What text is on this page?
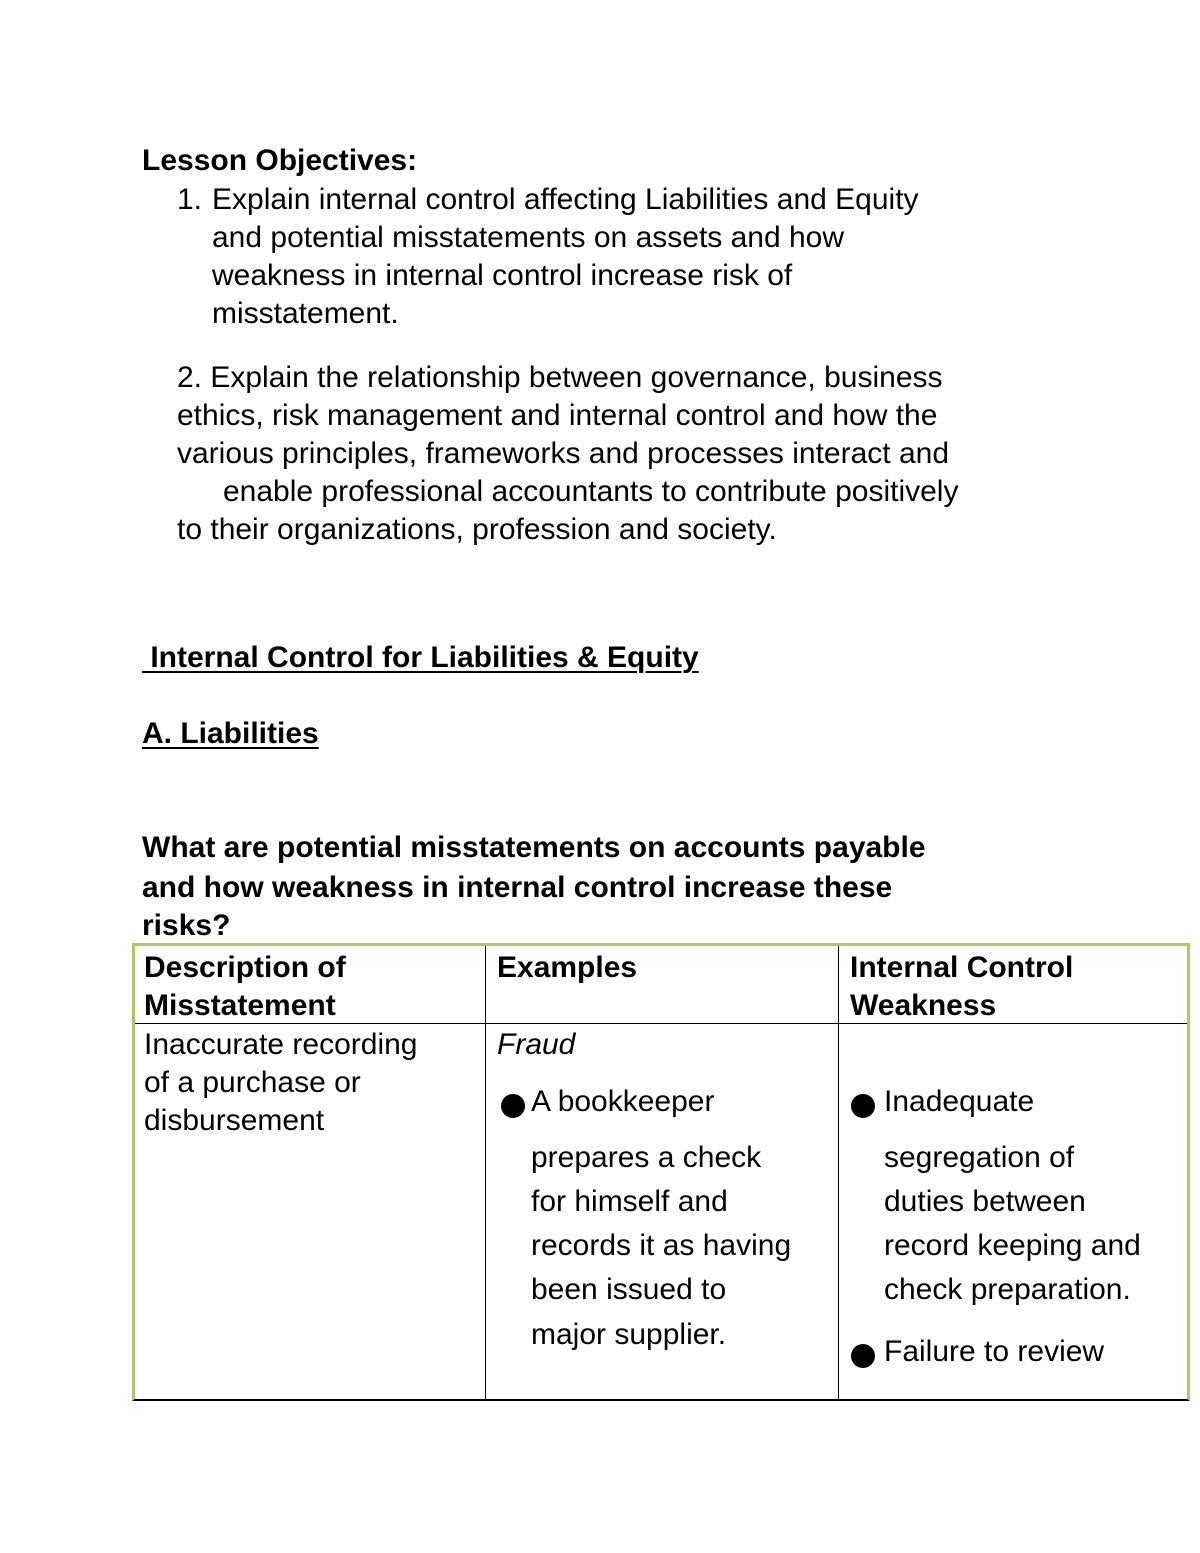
Lesson Objectives:

1. Explain internal control affecting Liabilities and Equity

and potential misstatements on assets and how

weakness in internal control increase risk of

misstatement.

2. Explain the relationship between governance, business

ethics, risk management and internal control and how the

various principles, frameworks and processes interact and

enable professional accountants to contribute positively

to their organizations, profession and society.

Internal Control for Liabilities & Equity

A. Liabilities

What are potential misstatements on accounts payable

and how weakness in internal control increase these

risks?

Description of
Misstatement
Examples	Internal Control
Weakness
Inaccurate recording
of a purchase or
disbursement
Fraud
A bookkeeper
prepares a check
for himself and
records it as having
been issued to
major supplier.
Inadequate
segregation of
duties between
record keeping and
check preparation.
Failure to review
